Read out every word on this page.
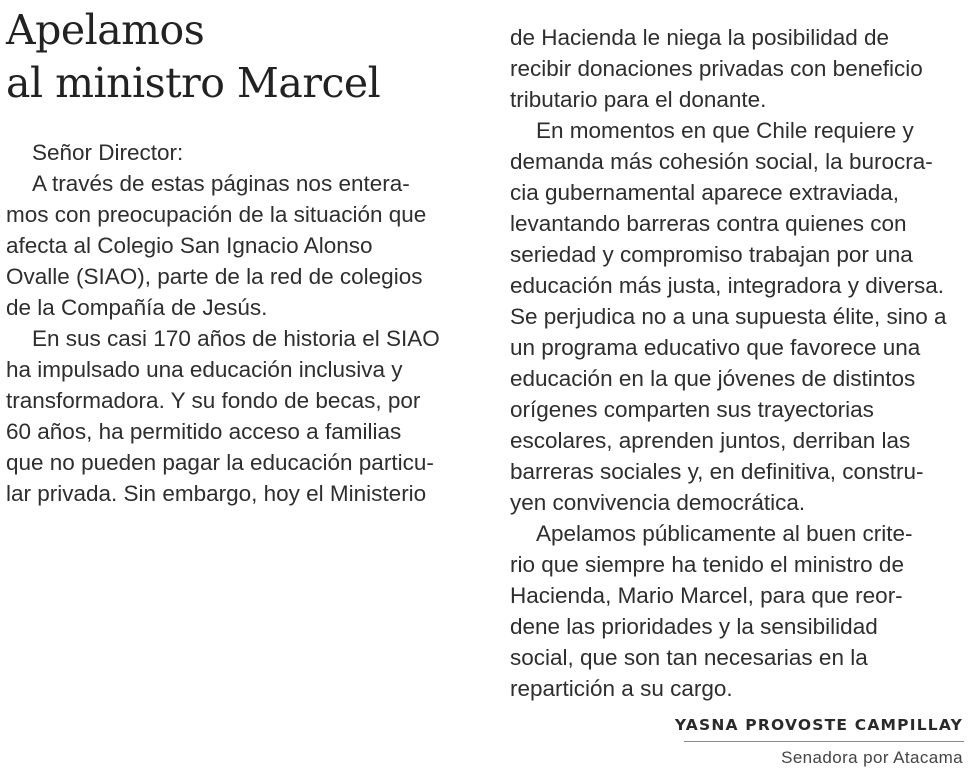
Apelamos
al ministro Marcel
Señor Director:
A través de estas páginas nos entera-
mos con preocupación de la situación que
afecta al Colegio San Ignacio Alonso
Ovalle (SIAO), parte de la red de colegios
de la Compañía de Jesús.
En sus casi 170 años de historia el SIAO
ha impulsado una educación inclusiva y
transformadora. Y su fondo de becas, por
60 años, ha permitido acceso a familias
que no pueden pagar la educación particu-
lar privada. Sin embargo, hoy el Ministerio
de Hacienda le niega la posibilidad de
recibir donaciones privadas con beneficio
tributario para el donante.
En momentos en que Chile requiere y
demanda más cohesión social, la burocra-
cia gubernamental aparece extraviada,
levantando barreras contra quienes con
seriedad y compromiso trabajan por una
educación más justa, integradora y diversa.
Se perjudica no a una supuesta élite, sino a
un programa educativo que favorece una
educación en la que jóvenes de distintos
orígenes comparten sus trayectorias
escolares, aprenden juntos, derriban las
barreras sociales y, en definitiva, constru-
yen convivencia democrática.
Apelamos públicamente al buen crite-
rio que siempre ha tenido el ministro de
Hacienda, Mario Marcel, para que reor-
dene las prioridades y la sensibilidad
social, que son tan necesarias en la
repartición a su cargo.
YASNA PROVOSTE CAMPILLAY
Senadora por Atacama
